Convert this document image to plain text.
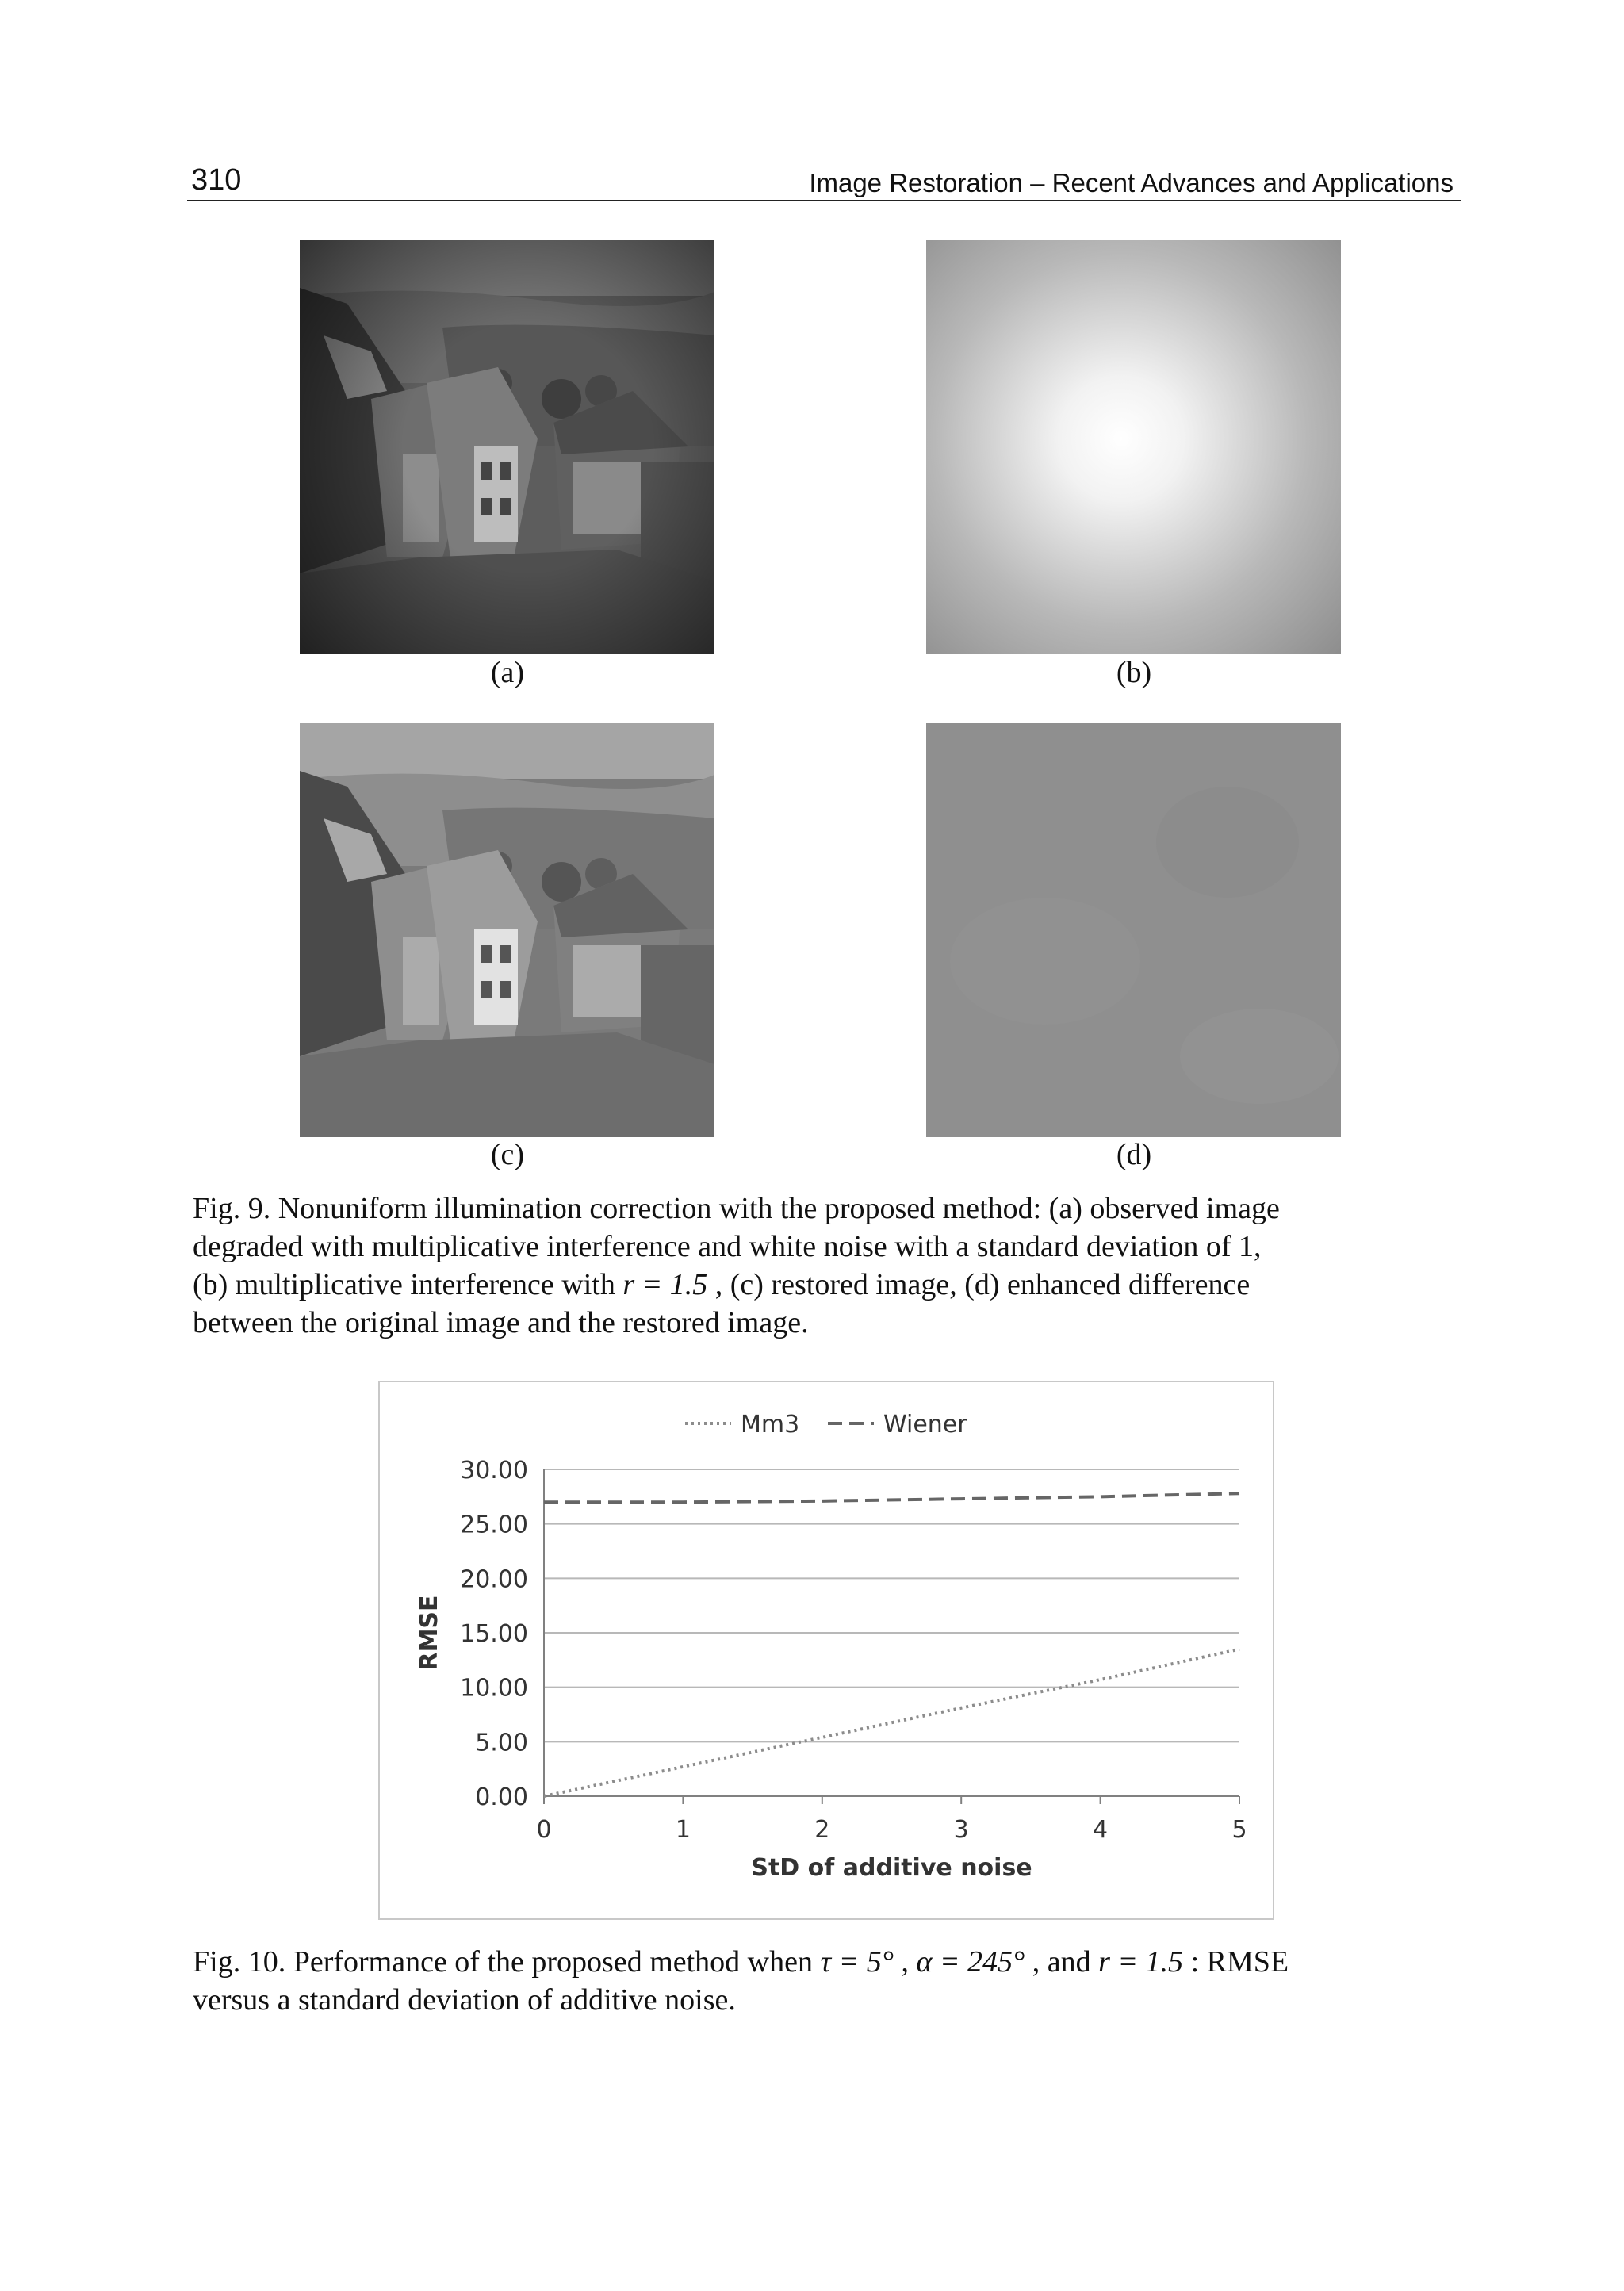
310	Image Restoration – Recent Advances and Applications
(a)	(b)
(c)	(d)
Fig. 9. Nonuniform illumination correction with the proposed method: (a) observed image
degraded with multiplicative interference and white noise with a standard deviation of 1,
(b) multiplicative interference with r = 1.5 , (c) restored image, (d) enhanced difference
between the original image and the restored image.
0.00
5.00
10.00
15.00
20.00
25.00
30.00
0	1	2	3	4	5
StD of additive noise
RMSE
Mm3	Wiener
Fig. 10. Performance of the proposed method when τ = 5° , α = 245° , and r = 1.5 : RMSE
versus a standard deviation of additive noise.
